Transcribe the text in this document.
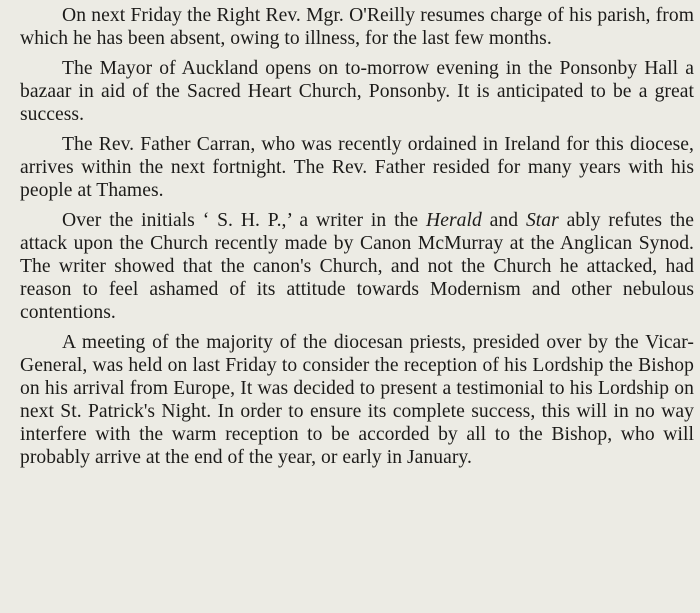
On next Friday the Right Rev. Mgr. O'Reilly resumes charge of his parish, from which he has been absent, owing to illness, for the last few months.

The Mayor of Auckland opens on to-morrow evening in the Ponsonby Hall a bazaar in aid of the Sacred Heart Church, Ponsonby. It is anticipated to be a great success.

The Rev. Father Carran, who was recently ordained in Ireland for this diocese, arrives within the next fortnight. The Rev. Father resided for many years with his people at Thames.

Over the initials ‘ S. H. P.,’ a writer in the Herald and Star ably refutes the attack upon the Church recently made by Canon McMurray at the Anglican Synod. The writer showed that the canon's Church, and not the Church he attacked, had reason to feel ashamed of its attitude towards Modernism and other nebulous contentions.

A meeting of the majority of the diocesan priests, presided over by the Vicar-General, was held on last Friday to consider the reception of his Lordship the Bishop on his arrival from Europe, It was decided to present a testimonial to his Lordship on next St. Patrick's Night. In order to ensure its complete success, this will in no way interfere with the warm reception to be accorded by all to the Bishop, who will probably arrive at the end of the year, or early in January.
